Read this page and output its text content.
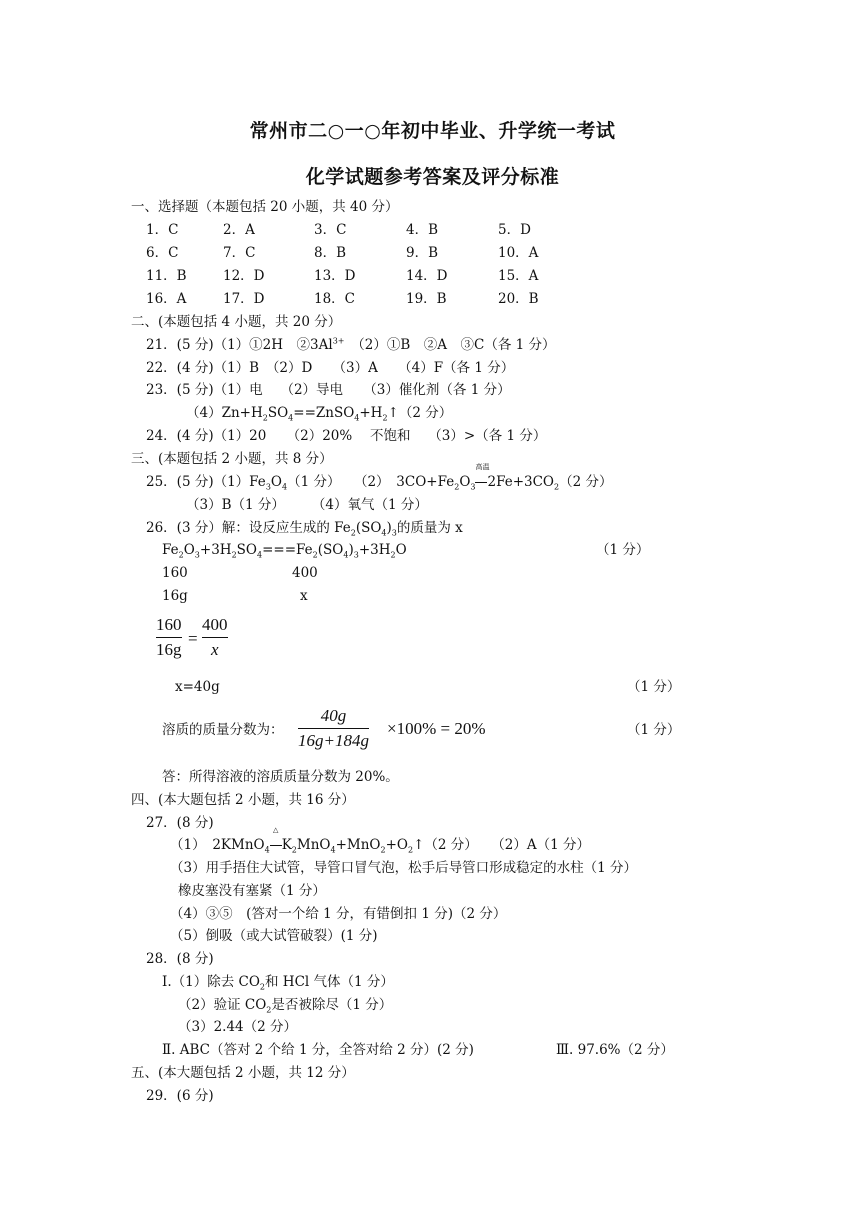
常州市二○一○年初中毕业、升学统一考试
化学试题参考答案及评分标准
一、选择题（本题包括 20 小题，共 40 分）
1．C	2．A	3．C	4．B	5．D
6．C	7．C	8．B	9．B	10．A
11．B	12．D	13．D	14．D	15．A
16．A	17．D	18．C	19．B	20．B
二、(本题包括 4 小题，共 20 分）
21．(5 分)（1）①2H　$②3Al^{3+}$　（2）①B　②A　③C（各 1 分）
22．(4 分)（1）B　（2）D　　（3）A　　（4）F（各 1 分）
23．(5 分)（1）电　 （2）导电　　（3）催化剂（各 1 分）
$(4)Zn+H_2SO_4==ZnSO_4+H_2↑(2$ 分）
24．(4 分)（1）20　　（2）20%　 不饱和　 （3）>（各 1 分）
三、(本题包括 2 小题，共 8 分）
25．(5 分)$(1)Fe_3O_4(1$ 分）　　（2）　$3CO+Fe_2O_3$
高温
$2Fe+3CO_2(2$ 分）
（3）B（1 分）　　　（4）氧气（1 分）
26．(3 分）解：设反应生成的 $Fe_2(SO_4)_3$的质量为 x
$Fe_2O_3+3H_2SO_4===Fe_2(SO_4)_3+3H_2O$	（1 分）
160	400
16g	x
160
16g
=
400
x
x=40g	（1 分）
溶质的质量分数为：
40g
16g+184g
×100% = 20%	（1 分）
答：所得溶液的溶质质量分数为 20%。
四、(本大题包括 2 小题，共 16 分）
27．(8 分)
（1）　2KMnO$_4$
△
$K_2MnO_4+MnO_2+O_2↑(2$ 分）　　（2）A（1 分）
（3）用手捂住大试管，导管口冒气泡，松手后导管口形成稳定的水柱（1 分）
橡皮塞没有塞紧（1 分）
（4）③⑤　(答对一个给 1 分，有错倒扣 1 分)（2 分）
（5）倒吸（或大试管破裂）(1 分)
28．(8 分)
Ⅰ.（1）除去 $CO_2$和 HCl 气体（1 分）
（2）验证 $CO_2$是否被除尽（1 分）
（3）2.44（2 分）
Ⅱ. ABC（答对 2 个给 1 分，全答对给 2 分）(2 分)	Ⅲ. 97.6%（2 分）
五、(本大题包括 2 小题，共 12 分）
29．(6 分)
